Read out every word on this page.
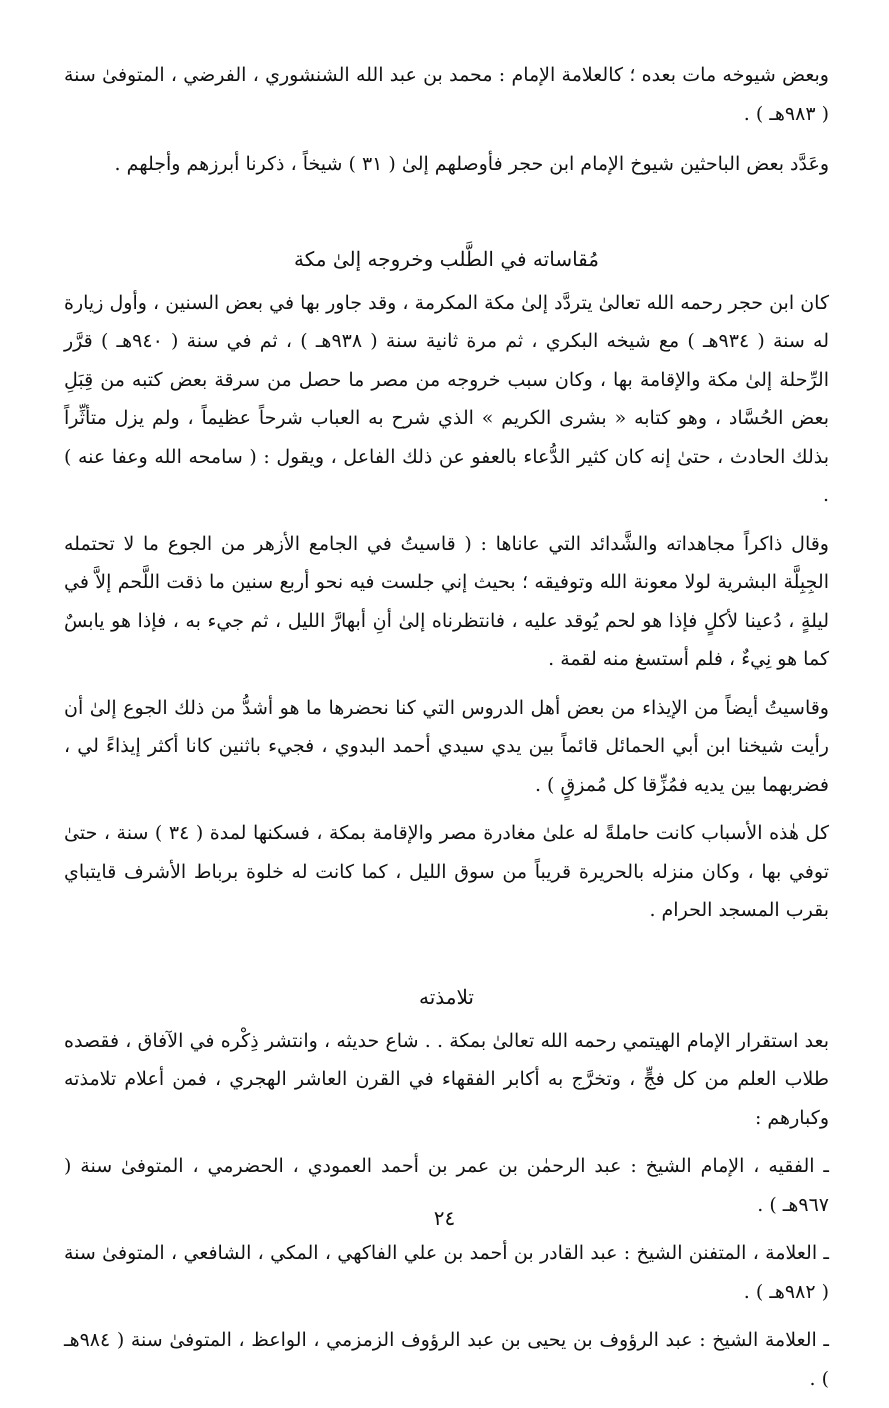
وبعض شيوخه مات بعده ؛ كالعلامة الإمام : محمد بن عبد الله الشنشوري ، الفرضي ، المتوفىٰ سنة ( ٩٨٣هـ ) .

وعَدَّد بعض الباحثين شيوخ الإمام ابن حجر فأوصلهم إلىٰ ( ٣١ ) شيخاً ، ذكرنا أبرزهم وأجلهم .

مُقاساته في الطَّلب وخروجه إلىٰ مكة

كان ابن حجر رحمه الله تعالىٰ يتردَّد إلىٰ مكة المكرمة ، وقد جاور بها في بعض السنين ، وأول زيارة له سنة ( ٩٣٤هـ ) مع شيخه البكري ، ثم مرة ثانية سنة ( ٩٣٨هـ ) ، ثم في سنة ( ٩٤٠هـ ) قرَّر الرِّحلة إلىٰ مكة والإقامة بها ، وكان سبب خروجه من مصر ما حصل من سرقة بعض كتبه من قِبَلِ بعض الحُسَّاد ، وهو كتابه « بشرى الكريم » الذي شرح به العباب شرحاً عظيماً ، ولم يزل متأثِّراً بذلك الحادث ، حتىٰ إنه كان كثير الدُّعاء بالعفو عن ذلك الفاعل ، ويقول : ( سامحه الله وعفا عنه ) .

وقال ذاكراً مجاهداته والشَّدائد التي عاناها : ( قاسيتُ في الجامع الأزهر من الجوع ما لا تحتمله الجِبِلَّة البشرية لولا معونة الله وتوفيقه ؛ بحيث إني جلست فيه نحو أربع سنين ما ذقت اللَّحم إلاَّ في ليلةٍ ، دُعينا لأكلٍ فإذا هو لحم يُوقد عليه ، فانتظرناه إلىٰ أنِ أبهارَّ الليل ، ثم جيء به ، فإذا هو يابسٌ كما هو نِيءٌ ، فلم أستسغ منه لقمة .

وقاسيتُ أيضاً من الإيذاء من بعض أهل الدروس التي كنا نحضرها ما هو أشدُّ من ذلك الجوع إلىٰ أن رأيت شيخنا ابن أبي الحمائل قائماً بين يدي سيدي أحمد البدوي ، فجيء باثنين كانا أكثر إيذاءً لي ، فضربهما بين يديه فمُزِّقا كل مُمزقٍ ) .

كل هٰذه الأسباب كانت حاملةً له علىٰ مغادرة مصر والإقامة بمكة ، فسكنها لمدة ( ٣٤ ) سنة ، حتىٰ توفي بها ، وكان منزله بالحريرة قريباً من سوق الليل ، كما كانت له خلوة برباط الأشرف قايتباي بقرب المسجد الحرام .

تلامذته

بعد استقرار الإمام الهيتمي رحمه الله تعالىٰ بمكة . . شاع حديثه ، وانتشر ذِكْره في الآفاق ، فقصده طلاب العلم من كل فجٍّ ، وتخرَّج به أكابر الفقهاء في القرن العاشر الهجري ، فمن أعلام تلامذته وكبارهم :

ـ الفقيه ، الإمام الشيخ : عبد الرحمٰن بن عمر بن أحمد العمودي ، الحضرمي ، المتوفىٰ سنة ( ٩٦٧هـ ) .

ـ العلامة ، المتفنن الشيخ : عبد القادر بن أحمد بن علي الفاكهي ، المكي ، الشافعي ، المتوفىٰ سنة ( ٩٨٢هـ ) .

ـ العلامة الشيخ : عبد الرؤوف بن يحيى بن عبد الرؤوف الزمزمي ، الواعظ ، المتوفىٰ سنة ( ٩٨٤هـ ) .

٢٤
